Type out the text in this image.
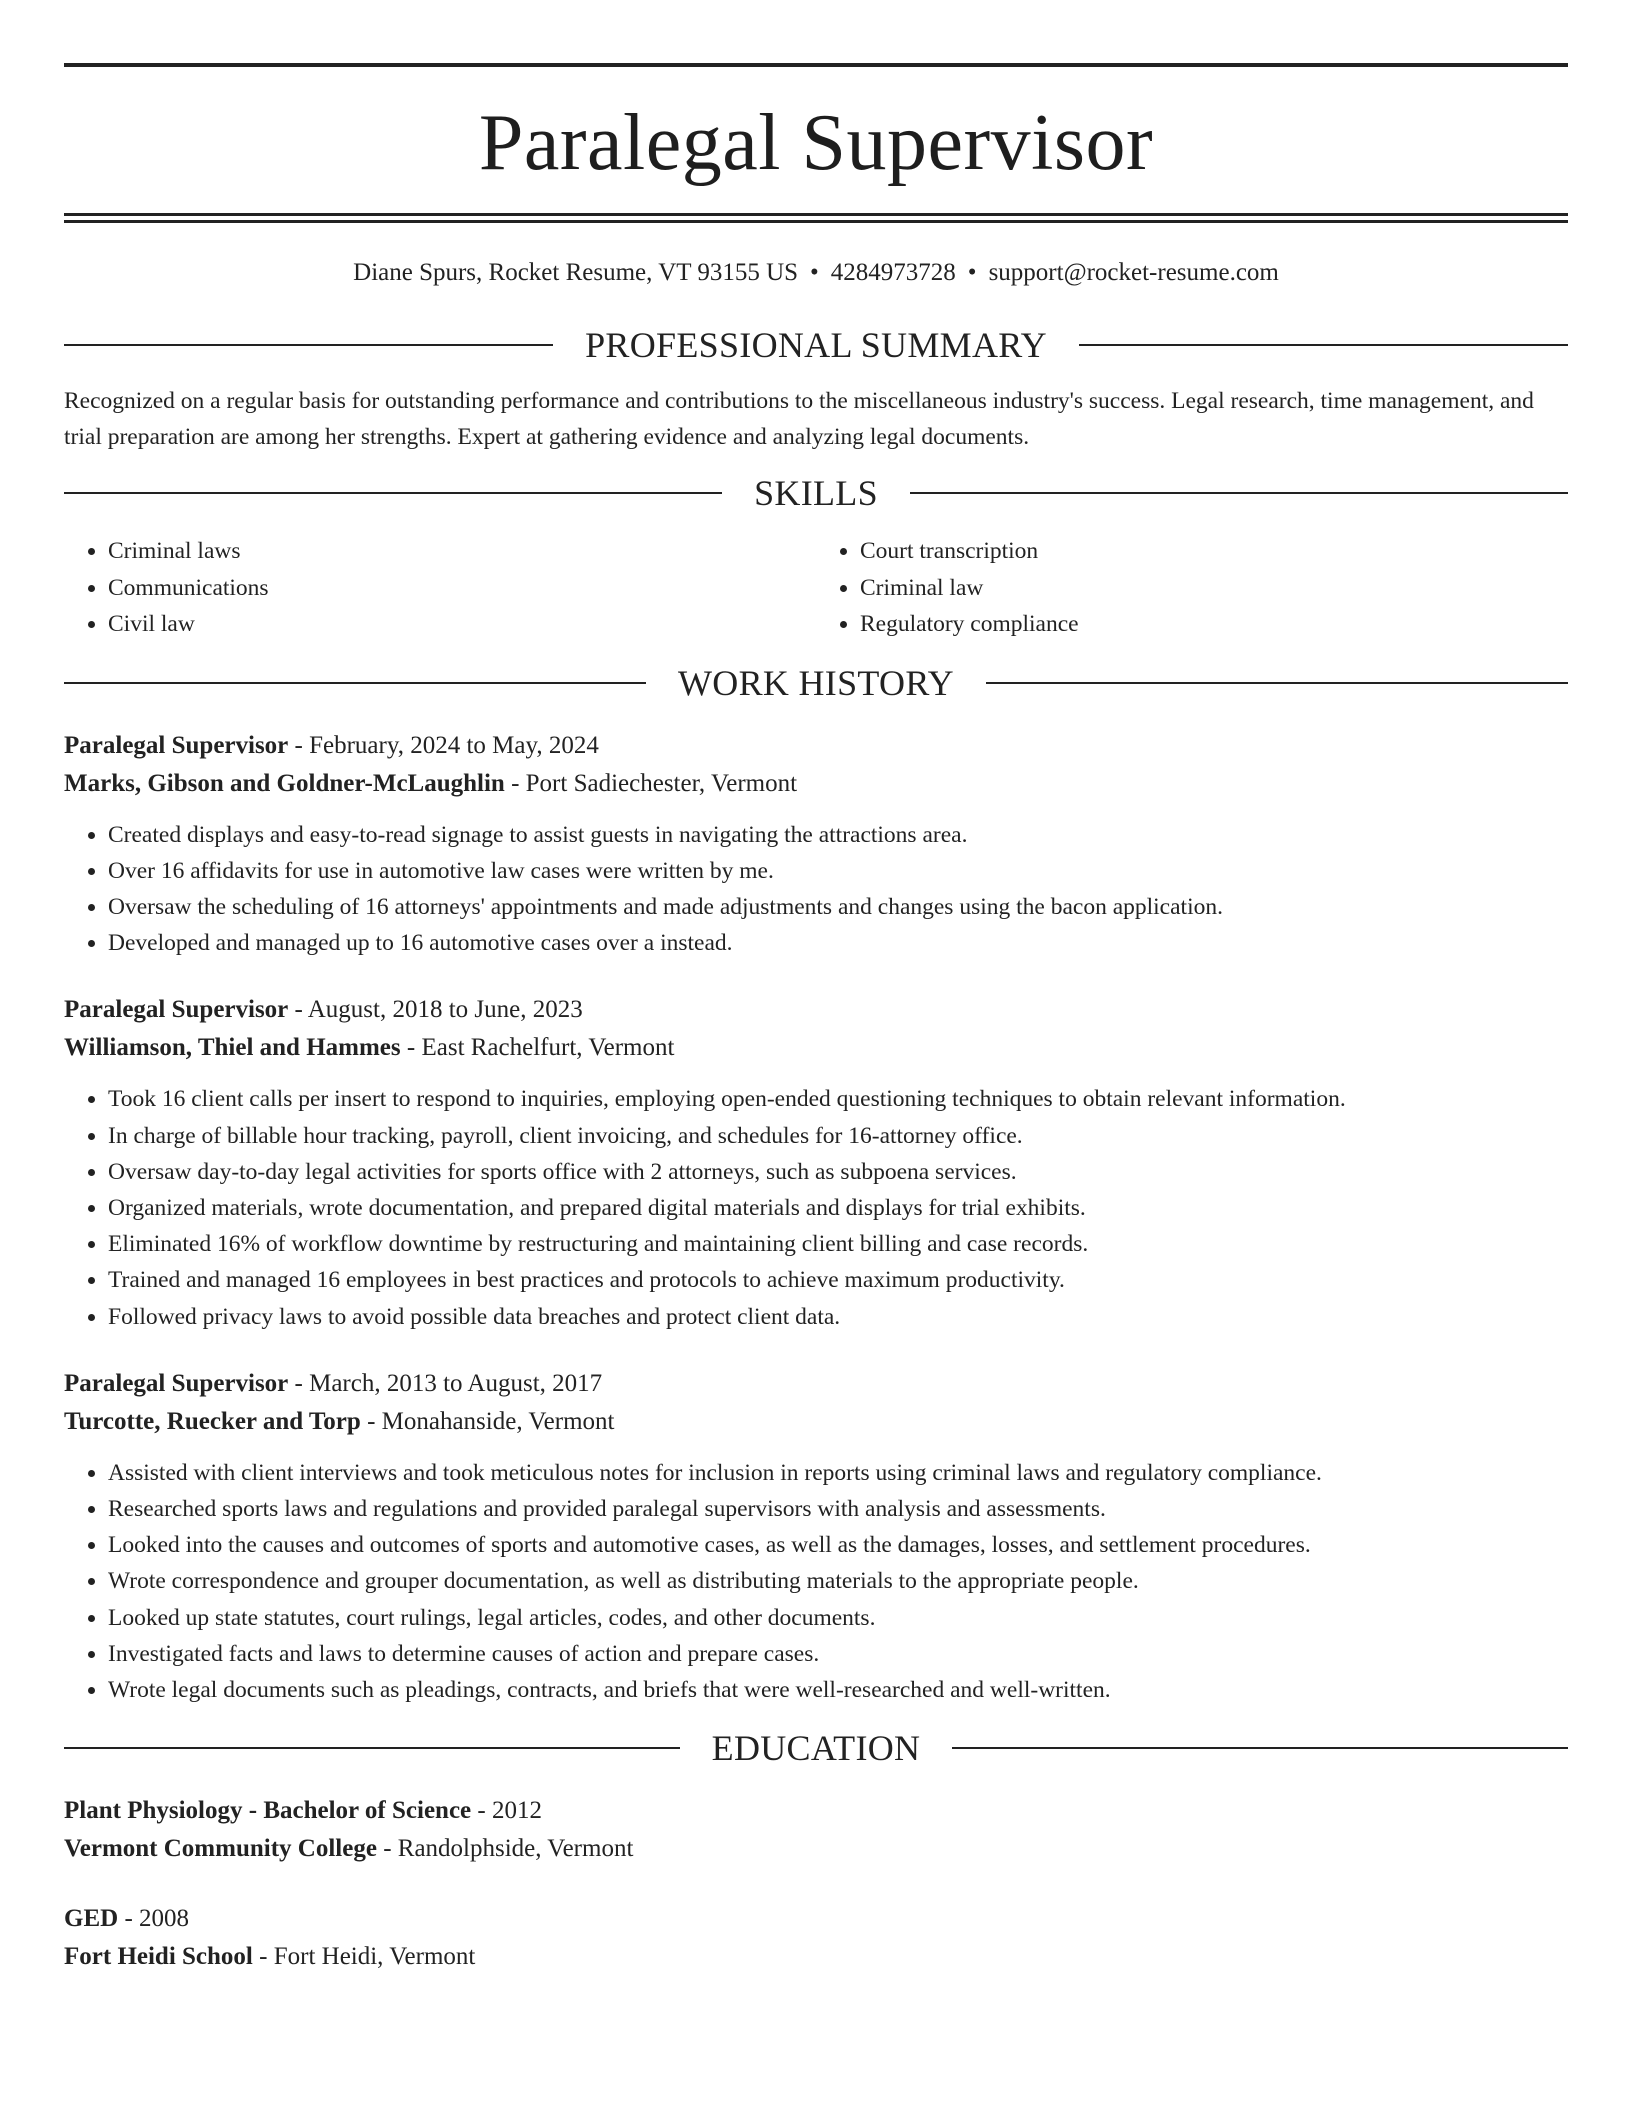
Paralegal Supervisor
Diane Spurs, Rocket Resume, VT 93155 US • 4284973728 • support@rocket-resume.com
PROFESSIONAL SUMMARY

Recognized on a regular basis for outstanding performance and contributions to the miscellaneous industry's success. Legal research, time management, and trial preparation are among her strengths. Expert at gathering evidence and analyzing legal documents.

SKILLS
• Criminal laws
• Communications
• Civil law
• Court transcription
• Criminal law
• Regulatory compliance
WORK HISTORY
Paralegal Supervisor - February, 2024 to May, 2024
Marks, Gibson and Goldner-McLaughlin - Port Sadiechester, Vermont
• Created displays and easy-to-read signage to assist guests in navigating the attractions area.
• Over 16 affidavits for use in automotive law cases were written by me.
• Oversaw the scheduling of 16 attorneys' appointments and made adjustments and changes using the bacon application.
• Developed and managed up to 16 automotive cases over a instead.
Paralegal Supervisor - August, 2018 to June, 2023
Williamson, Thiel and Hammes - East Rachelfurt, Vermont
• Took 16 client calls per insert to respond to inquiries, employing open-ended questioning techniques to obtain relevant information.
• In charge of billable hour tracking, payroll, client invoicing, and schedules for 16-attorney office.
• Oversaw day-to-day legal activities for sports office with 2 attorneys, such as subpoena services.
• Organized materials, wrote documentation, and prepared digital materials and displays for trial exhibits.
• Eliminated 16% of workflow downtime by restructuring and maintaining client billing and case records.
• Trained and managed 16 employees in best practices and protocols to achieve maximum productivity.
• Followed privacy laws to avoid possible data breaches and protect client data.
Paralegal Supervisor - March, 2013 to August, 2017
Turcotte, Ruecker and Torp - Monahanside, Vermont
• Assisted with client interviews and took meticulous notes for inclusion in reports using criminal laws and regulatory compliance.
• Researched sports laws and regulations and provided paralegal supervisors with analysis and assessments.
• Looked into the causes and outcomes of sports and automotive cases, as well as the damages, losses, and settlement procedures.
• Wrote correspondence and grouper documentation, as well as distributing materials to the appropriate people.
• Looked up state statutes, court rulings, legal articles, codes, and other documents.
• Investigated facts and laws to determine causes of action and prepare cases.
• Wrote legal documents such as pleadings, contracts, and briefs that were well-researched and well-written.
EDUCATION
Plant Physiology - Bachelor of Science - 2012
Vermont Community College - Randolphside, Vermont
GED - 2008
Fort Heidi School - Fort Heidi, Vermont
